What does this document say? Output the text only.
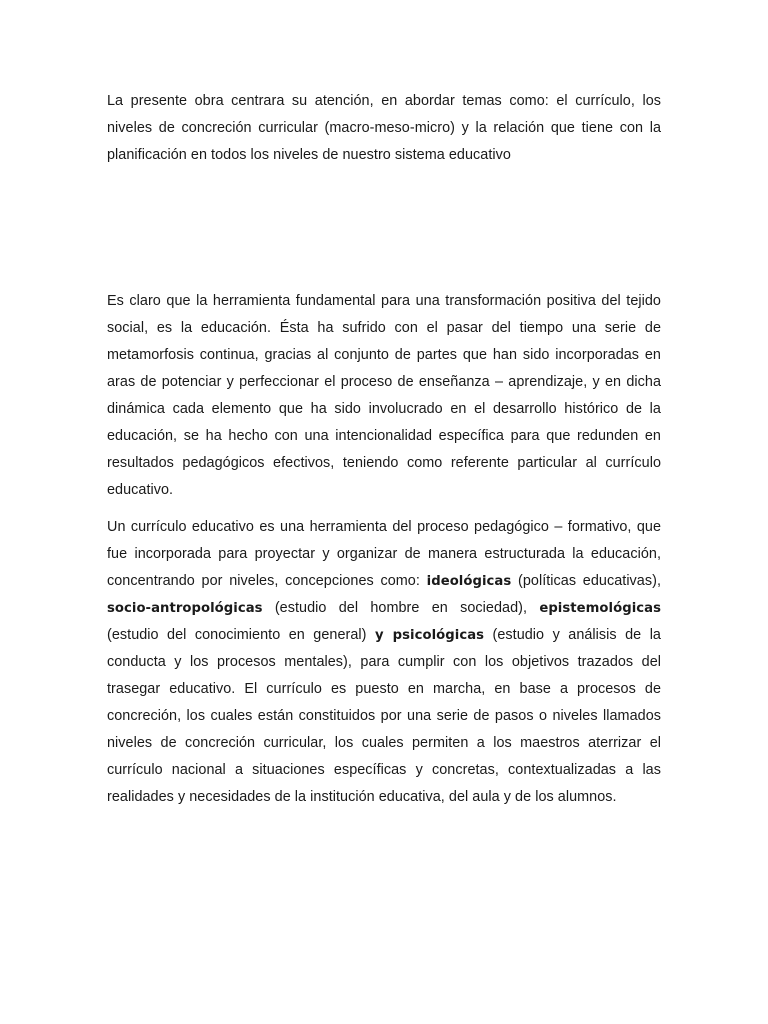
La presente obra centrara su atención, en abordar temas como: el currículo, los niveles de concreción curricular (macro-meso-micro) y la relación que tiene con la planificación en todos los niveles de nuestro sistema educativo

Es claro que la herramienta fundamental para una transformación positiva del tejido social, es la educación. Ésta ha sufrido con el pasar del tiempo una serie de metamorfosis continua, gracias al conjunto de partes que han sido incorporadas en aras de potenciar y perfeccionar el proceso de enseñanza – aprendizaje, y en dicha dinámica cada elemento que ha sido involucrado en el desarrollo histórico de la educación, se ha hecho con una intencionalidad específica para que redunden en resultados pedagógicos efectivos, teniendo como referente particular al currículo educativo.

Un currículo educativo es una herramienta del proceso pedagógico – formativo, que fue incorporada para proyectar y organizar de manera estructurada la educación, concentrando por niveles, concepciones como: ideológicas (políticas educativas), socio-antropológicas (estudio del hombre en sociedad), epistemológicas (estudio del conocimiento en general) y psicológicas (estudio y análisis de la conducta y los procesos mentales), para cumplir con los objetivos trazados del trasegar educativo. El currículo es puesto en marcha, en base a procesos de concreción, los cuales están constituidos por una serie de pasos o niveles llamados niveles de concreción curricular, los cuales permiten a los maestros aterrizar el currículo nacional a situaciones específicas y concretas, contextualizadas a las realidades y necesidades de la institución educativa, del aula y de los alumnos.
